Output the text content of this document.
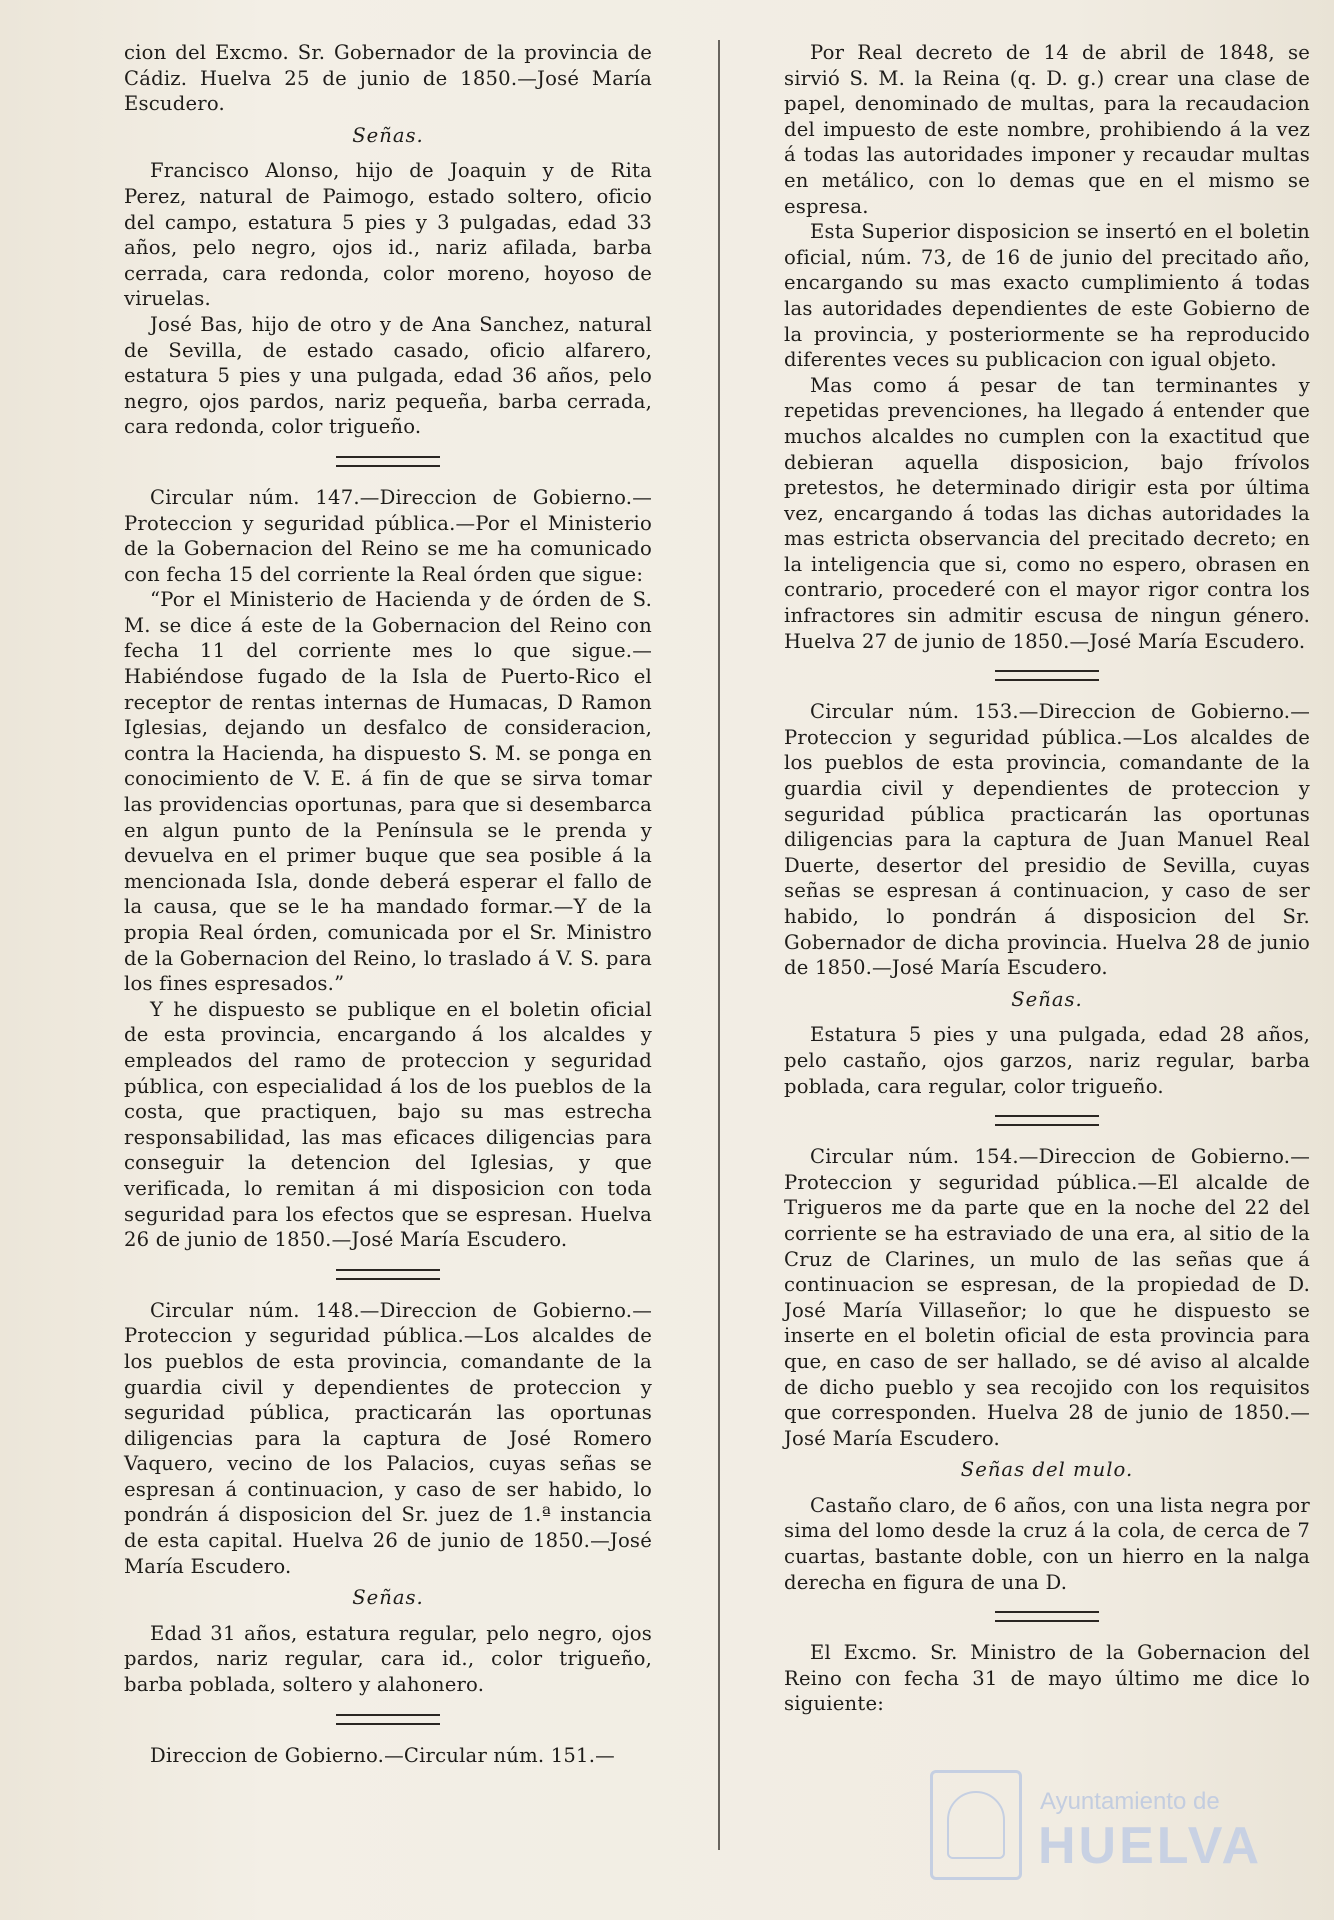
cion del Excmo. Sr. Gobernador de la provincia de Cádiz. Huelva 25 de junio de 1850.—José María Escudero.

Señas.

Francisco Alonso, hijo de Joaquin y de Rita Perez, natural de Paimogo, estado soltero, oficio del campo, estatura 5 pies y 3 pulgadas, edad 33 años, pelo negro, ojos id., nariz afilada, barba cerrada, cara redonda, color moreno, hoyoso de viruelas.

José Bas, hijo de otro y de Ana Sanchez, natural de Sevilla, de estado casado, oficio alfarero, estatura 5 pies y una pulgada, edad 36 años, pelo negro, ojos pardos, nariz pequeña, barba cerrada, cara redonda, color trigueño.

Circular núm. 147.—Direccion de Gobierno.—Proteccion y seguridad pública.—Por el Ministerio de la Gobernacion del Reino se me ha comunicado con fecha 15 del corriente la Real órden que sigue:

“Por el Ministerio de Hacienda y de órden de S. M. se dice á este de la Gobernacion del Reino con fecha 11 del corriente mes lo que sigue.—Habiéndose fugado de la Isla de Puerto-Rico el receptor de rentas internas de Humacas, D Ramon Iglesias, dejando un desfalco de consideracion, contra la Hacienda, ha dispuesto S. M. se ponga en conocimiento de V. E. á fin de que se sirva tomar las providencias oportunas, para que si desembarca en algun punto de la Península se le prenda y devuelva en el primer buque que sea posible á la mencionada Isla, donde deberá esperar el fallo de la causa, que se le ha mandado formar.—Y de la propia Real órden, comunicada por el Sr. Ministro de la Gobernacion del Reino, lo traslado á V. S. para los fines espresados.”

Y he dispuesto se publique en el boletin oficial de esta provincia, encargando á los alcaldes y empleados del ramo de proteccion y seguridad pública, con especialidad á los de los pueblos de la costa, que practiquen, bajo su mas estrecha responsabilidad, las mas eficaces diligencias para conseguir la detencion del Iglesias, y que verificada, lo remitan á mi disposicion con toda seguridad para los efectos que se espresan. Huelva 26 de junio de 1850.—José María Escudero.

Circular núm. 148.—Direccion de Gobierno.—Proteccion y seguridad pública.—Los alcaldes de los pueblos de esta provincia, comandante de la guardia civil y dependientes de proteccion y seguridad pública, practicarán las oportunas diligencias para la captura de José Romero Vaquero, vecino de los Palacios, cuyas señas se espresan á continuacion, y caso de ser habido, lo pondrán á disposicion del Sr. juez de 1.ª instancia de esta capital. Huelva 26 de junio de 1850.—José María Escudero.

Señas.

Edad 31 años, estatura regular, pelo negro, ojos pardos, nariz regular, cara id., color trigueño, barba poblada, soltero y alahonero.

Direccion de Gobierno.—Circular núm. 151.—

Por Real decreto de 14 de abril de 1848, se sirvió S. M. la Reina (q. D. g.) crear una clase de papel, denominado de multas, para la recaudacion del impuesto de este nombre, prohibiendo á la vez á todas las autoridades imponer y recaudar multas en metálico, con lo demas que en el mismo se espresa.

Esta Superior disposicion se insertó en el boletin oficial, núm. 73, de 16 de junio del precitado año, encargando su mas exacto cumplimiento á todas las autoridades dependientes de este Gobierno de la provincia, y posteriormente se ha reproducido diferentes veces su publicacion con igual objeto.

Mas como á pesar de tan terminantes y repetidas prevenciones, ha llegado á entender que muchos alcaldes no cumplen con la exactitud que debieran aquella disposicion, bajo frívolos pretestos, he determinado dirigir esta por última vez, encargando á todas las dichas autoridades la mas estricta observancia del precitado decreto; en la inteligencia que si, como no espero, obrasen en contrario, procederé con el mayor rigor contra los infractores sin admitir escusa de ningun género. Huelva 27 de junio de 1850.—José María Escudero.

Circular núm. 153.—Direccion de Gobierno.—Proteccion y seguridad pública.—Los alcaldes de los pueblos de esta provincia, comandante de la guardia civil y dependientes de proteccion y seguridad pública practicarán las oportunas diligencias para la captura de Juan Manuel Real Duerte, desertor del presidio de Sevilla, cuyas señas se espresan á continuacion, y caso de ser habido, lo pondrán á disposicion del Sr. Gobernador de dicha provincia. Huelva 28 de junio de 1850.—José María Escudero.

Señas.

Estatura 5 pies y una pulgada, edad 28 años, pelo castaño, ojos garzos, nariz regular, barba poblada, cara regular, color trigueño.

Circular núm. 154.—Direccion de Gobierno.—Proteccion y seguridad pública.—El alcalde de Trigueros me da parte que en la noche del 22 del corriente se ha estraviado de una era, al sitio de la Cruz de Clarines, un mulo de las señas que á continuacion se espresan, de la propiedad de D. José María Villaseñor; lo que he dispuesto se inserte en el boletin oficial de esta provincia para que, en caso de ser hallado, se dé aviso al alcalde de dicho pueblo y sea recojido con los requisitos que corresponden. Huelva 28 de junio de 1850.—José María Escudero.

Señas del mulo.

Castaño claro, de 6 años, con una lista negra por sima del lomo desde la cruz á la cola, de cerca de 7 cuartas, bastante doble, con un hierro en la nalga derecha en figura de una D.

El Excmo. Sr. Ministro de la Gobernacion del Reino con fecha 31 de mayo último me dice lo siguiente:

Ayuntamiento de
HUELVA
